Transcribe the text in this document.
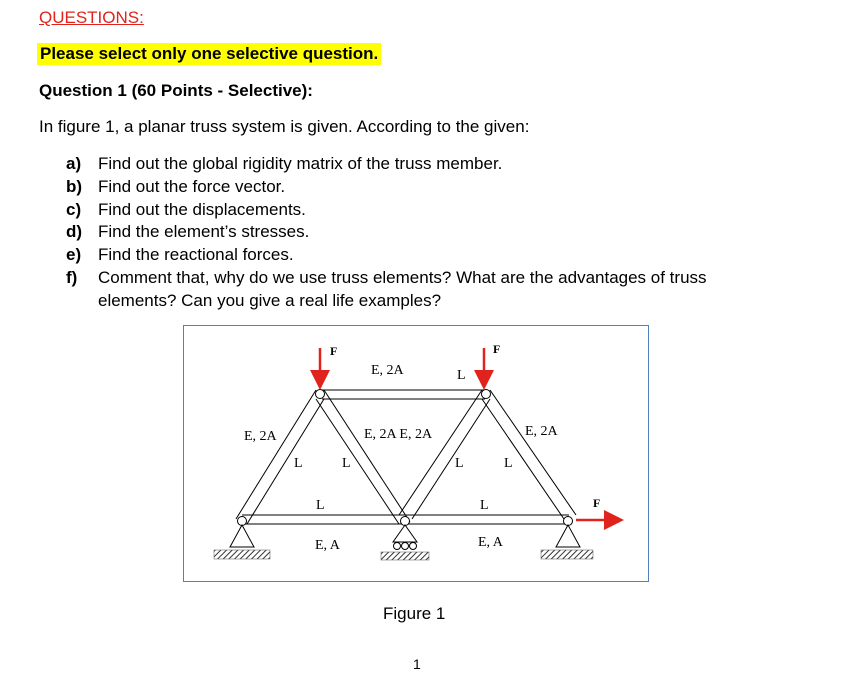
QUESTIONS:
Please select only one selective question.
Question 1 (60 Points - Selective):
In figure 1, a planar truss system is given. According to the given:
a) Find out the global rigidity matrix of the truss member.
b) Find out the force vector.
c) Find out the displacements.
d) Find the element’s stresses.
e) Find the reactional forces.
f) Comment that, why do we use truss elements? What are the advantages of truss
elements? Can you give a real life examples?
F	F
F
E, 2A	L
E, 2A	E, 2A E, 2A	E, 2A
L	L	L	L
L	L
E, A	E, A
Figure 1
1
